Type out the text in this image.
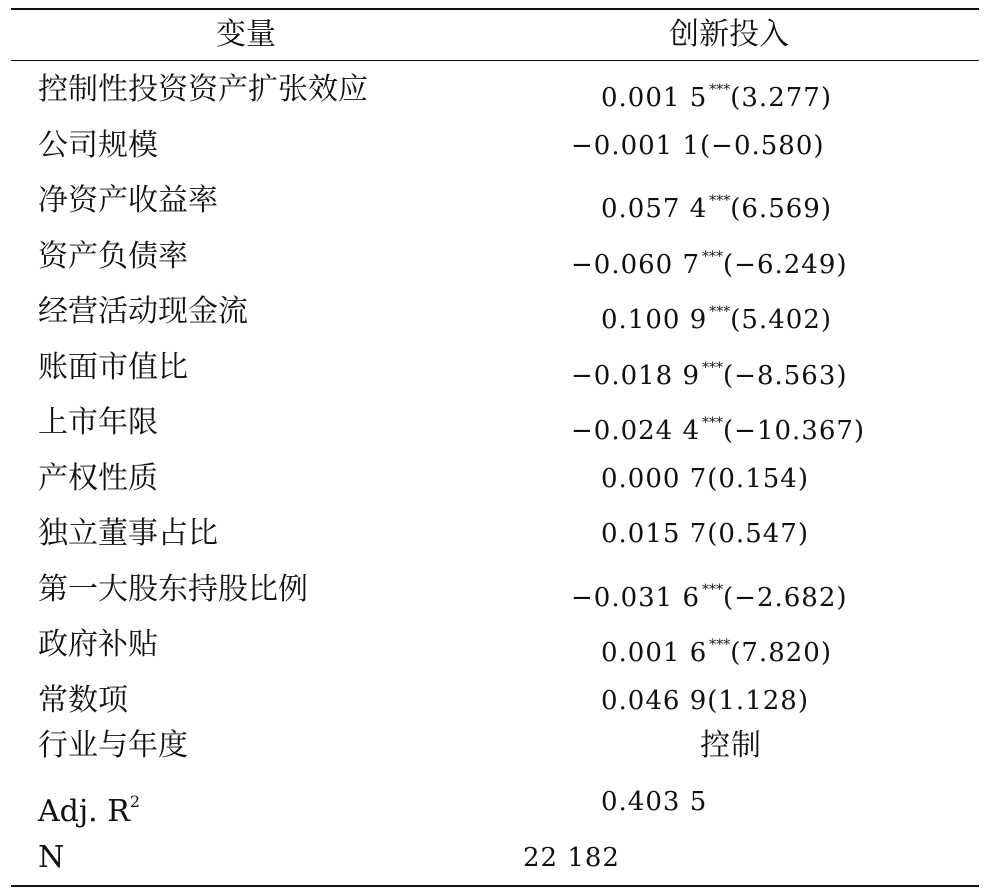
变量	创新投入
控制性投资资产扩张效应	0.001 5 ***(3.277)
公司规模	−0.001 1(−0.580)
净资产收益率	0.057 4 ***(6.569)
资产负债率	−0.060 7 ***(−6.249)
经营活动现金流	0.100 9 ***(5.402)
账面市值比	−0.018 9 ***(−8.563)
上市年限	−0.024 4 ***(−10.367)
产权性质	0.000 7(0.154)
独立董事占比	0.015 7(0.547)
第一大股东持股比例	−0.031 6 ***(−2.682)
政府补贴	0.001 6 ***(7.820)
常数项	0.046 9(1.128)
行业与年度	控制
Adj. $R^2$	0.403 5
N	22 182
